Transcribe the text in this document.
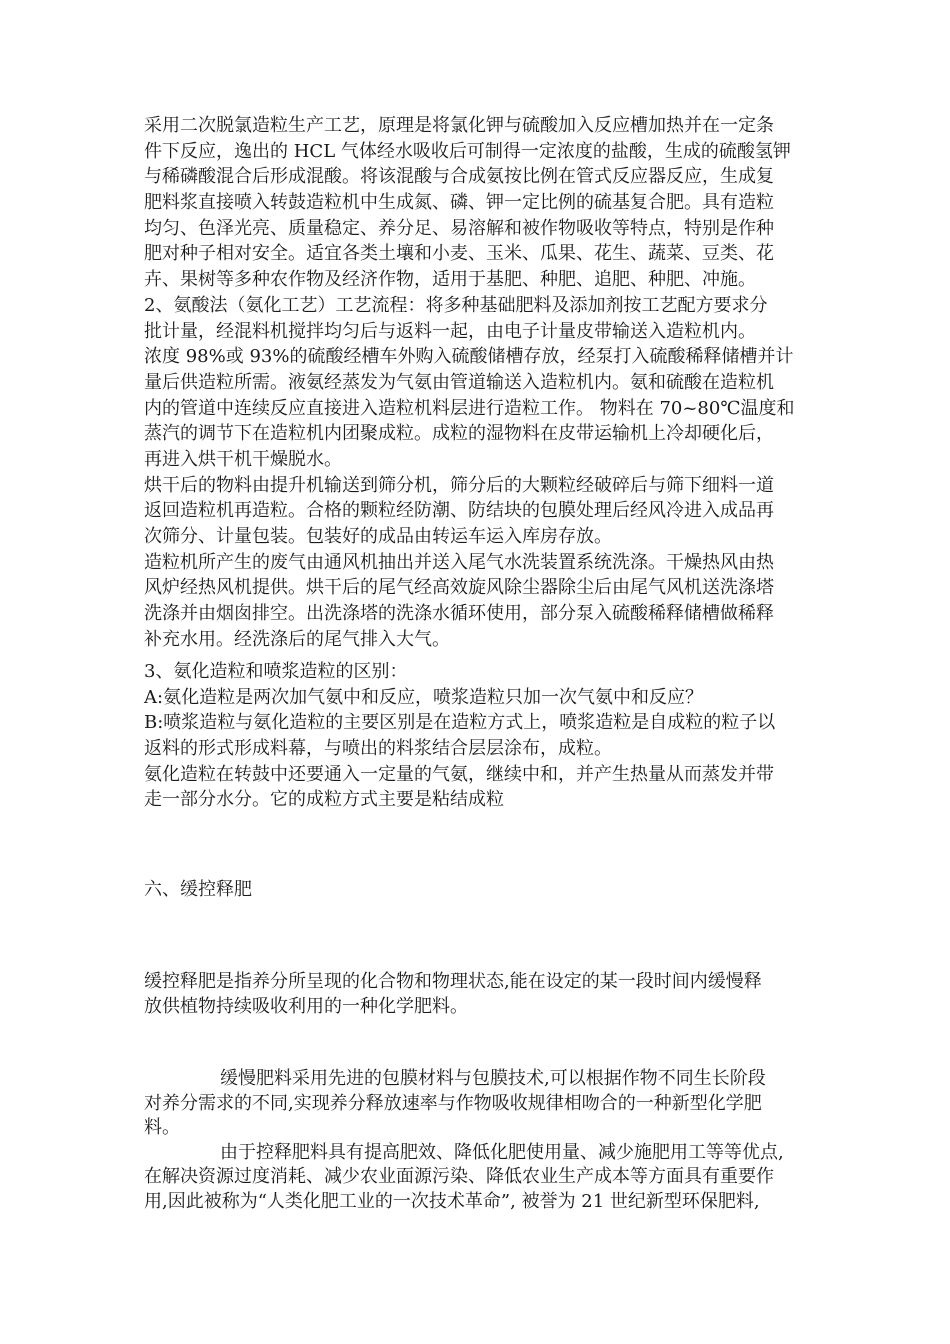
采用二次脱氯造粒生产工艺，原理是将氯化钾与硫酸加入反应槽加热并在一定条
件下反应，逸出的 HCL 气体经水吸收后可制得一定浓度的盐酸，生成的硫酸氢钾
与稀磷酸混合后形成混酸。将该混酸与合成氨按比例在管式反应器反应，生成复
肥料浆直接喷入转鼓造粒机中生成氮、磷、钾一定比例的硫基复合肥。具有造粒
均匀、色泽光亮、质量稳定、养分足、易溶解和被作物吸收等特点，特别是作种
肥对种子相对安全。适宜各类土壤和小麦、玉米、瓜果、花生、蔬菜、豆类、花
卉、果树等多种农作物及经济作物，适用于基肥、种肥、追肥、种肥、冲施。
2、氨酸法（氨化工艺）工艺流程：将多种基础肥料及添加剂按工艺配方要求分
批计量，经混料机搅拌均匀后与返料一起，由电子计量皮带输送入造粒机内。
浓度 98%或 93%的硫酸经槽车外购入硫酸储槽存放，经泵打入硫酸稀释储槽并计
量后供造粒所需。液氨经蒸发为气氨由管道输送入造粒机内。氨和硫酸在造粒机
内的管道中连续反应直接进入造粒机料层进行造粒工作。 物料在 70~80℃温度和
蒸汽的调节下在造粒机内团聚成粒。成粒的湿物料在皮带运输机上冷却硬化后，
再进入烘干机干燥脱水。
烘干后的物料由提升机输送到筛分机，筛分后的大颗粒经破碎后与筛下细料一道
返回造粒机再造粒。合格的颗粒经防潮、防结块的包膜处理后经风冷进入成品再
次筛分、计量包装。包装好的成品由转运车运入库房存放。
造粒机所产生的废气由通风机抽出并送入尾气水洗装置系统洗涤。干燥热风由热
风炉经热风机提供。烘干后的尾气经高效旋风除尘器除尘后由尾气风机送洗涤塔
洗涤并由烟囱排空。出洗涤塔的洗涤水循环使用，部分泵入硫酸稀释储槽做稀释
补充水用。经洗涤后的尾气排入大气。
3、氨化造粒和喷浆造粒的区别：
A:氨化造粒是两次加气氨中和反应，喷浆造粒只加一次气氨中和反应？
B:喷浆造粒与氨化造粒的主要区别是在造粒方式上，喷浆造粒是自成粒的粒子以
返料的形式形成料幕，与喷出的料浆结合层层涂布，成粒。
氨化造粒在转鼓中还要通入一定量的气氨，继续中和，并产生热量从而蒸发并带
走一部分水分。它的成粒方式主要是粘结成粒
六、缓控释肥
缓控释肥是指养分所呈现的化合物和物理状态,能在设定的某一段时间内缓慢释
放供植物持续吸收利用的一种化学肥料。
缓慢肥料采用先进的包膜材料与包膜技术,可以根据作物不同生长阶段
对养分需求的不同,实现养分释放速率与作物吸收规律相吻合的一种新型化学肥
料。
由于控释肥料具有提高肥效、降低化肥使用量、减少施肥用工等等优点,
在解决资源过度消耗、减少农业面源污染、降低农业生产成本等方面具有重要作
用,因此被称为“人类化肥工业的一次技术革命”, 被誉为 21 世纪新型环保肥料,
